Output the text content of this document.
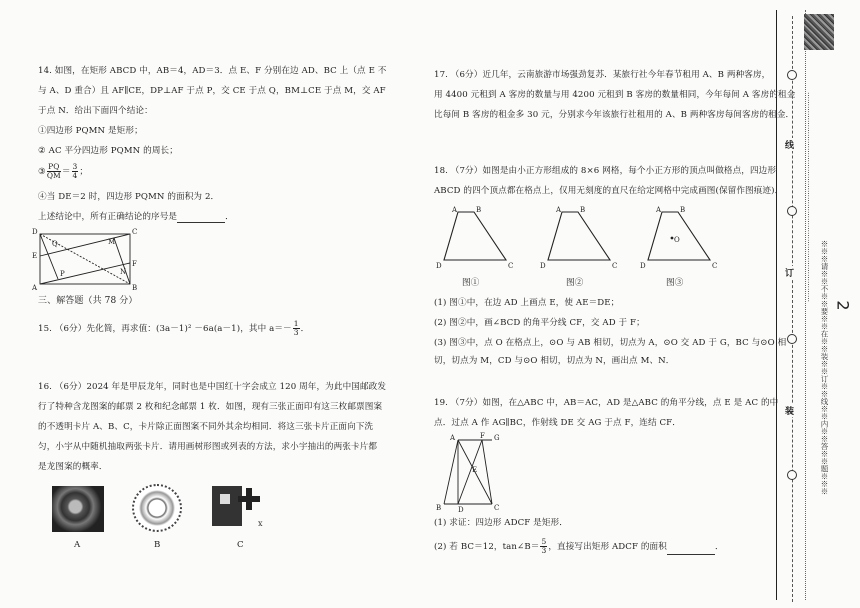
14. 如图，在矩形 ABCD 中，AB＝4，AD＝3．点 E、F 分别在边 AD、BC 上（点 E 不
与 A、D 重合）且 AF∥CE，DP⊥AF 于点 P，交 CE 于点 Q，BM⊥CE 于点 M，交 AF
于点 N．给出下面四个结论：
①四边形 PQMN 是矩形；
② AC 平分四边形 PQMN 的周长；
③ $\frac{PQ}{QM} = \frac{3}{4}$ ；
④当 DE＝2 时，四边形 PQMN 的面积为 2．
上述结论中，所有正确结论的序号是	．
D	C
A	B
E
F
P
Q	M
N
三、解答题（共 78 分）
15. （6分）先化简，再求值：(3a－1)² －6a(a－1)，其中 $a=- \frac{1}{3}$ ．
16. （6分）2024 年是甲辰龙年，同时也是中国红十字会成立 120 周年，为此中国邮政发
行了特种含龙图案的邮票 2 枚和纪念邮票 1 枚．如图，现有三张正面印有这三枚邮票图案
的不透明卡片 A、B、C，卡片除正面图案不同外其余均相同．将这三张卡片正面向下洗
匀，小宇从中随机抽取两张卡片．请用画树形图或列表的方法，求小宇抽出的两张卡片都
是龙图案的概率．
x
A	B	C
17. （6分）近几年，云南旅游市场强劲复苏．某旅行社今年春节租用 A、B 两种客房，
用 4400 元租到 A 客房的数量与用 4200 元租到 B 客房的数量相同，今年每间 A 客房的租金
比每间 B 客房的租金多 30 元，分别求今年该旅行社租用的 A、B 两种客房每间客房的租金．
18. （7分）如图是由小正方形组成的 8×6 网格，每个小正方形的顶点叫做格点，四边形
ABCD 的四个顶点都在格点上，仅用无刻度的直尺在给定网格中完成画图(保留作图痕迹)．
A	B
D	C
A	B
D	C
A	B
D	C
O
图①	图②	图③
(1) 图①中，在边 AD 上画点 E，使 AE＝DE；
(2) 图②中，画∠BCD 的角平分线 CF，交 AD 于 F；
(3) 图③中，点 O 在格点上，⊙O 与 AB 相切，切点为 A，⊙O 交 AD 于 G，BC 与⊙O 相
切，切点为 M，CD 与⊙O 相切，切点为 N，画出点 M、N．
19. （7分）如图，在△ABC 中，AB＝AC，AD 是△ABC 的角平分线，点 E 是 AC 的中
点．过点 A 作 AG∥BC，作射线 DE 交 AG 于点 F，连结 CF．
A	F G
E
B D	C
(1) 求证：四边形 ADCF 是矩形．
(2) 若 BC＝12，tan∠B＝ $\frac{5}{3}$ ，直接写出矩形 ADCF 的面积	．
线
订
装
………………………………………………………………………………
※※※请※※不※※要※※在※※装※※订※※线※※内※※答※※题※※※ 2
